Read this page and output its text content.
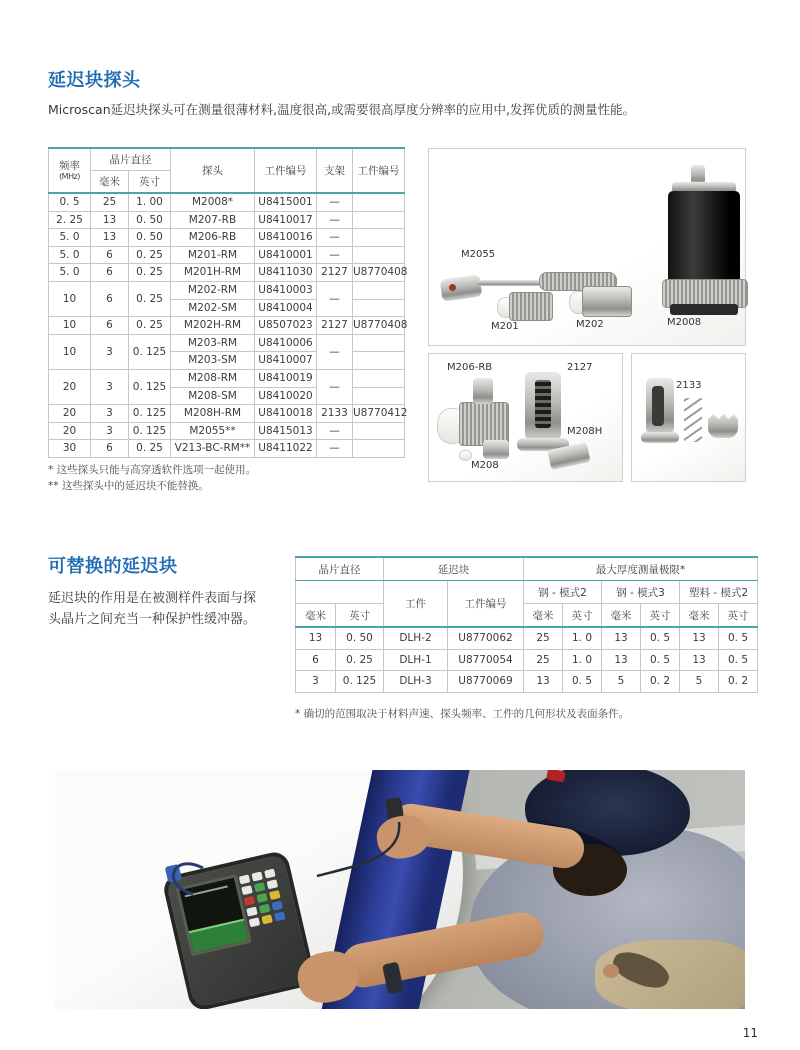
延迟块探头
Microscan延迟块探头可在测量很薄材料,温度很高,或需要很高厚度分辨率的应用中,发挥优质的测量性能。
频率
(MHz)	晶片直径		探头	工件编号	支架	工件编号
	毫米	英寸				
0. 5	25	1. 00	M2008*	U8415001	—	
2. 25	13	0. 50	M207-RB	U8410017	—	
5. 0	13	0. 50	M206-RB	U8410016	—	
5. 0	6	0. 25	M201-RM	U8410001	—	
5. 0	6	0. 25	M201H-RM	U8411030	2127	U8770408
10	6	0. 25	M202-RM	U8410003	—	
			M202-SM	U8410004		
10	6	0. 25	M202H-RM	U8507023	2127	U8770408
10	3	0. 125	M203-RM	U8410006	—	
			M203-SM	U8410007		
20	3	0. 125	M208-RM	U8410019	—	
			M208-SM	U8410020		
20	3	0. 125	M208H-RM	U8410018	2133	U8770412
20	3	0. 125	M2055**	U8415013	—	
30	6	0. 25	V213-BC-RM**	U8411022	—	
* 这些探头只能与高穿透软件选项一起使用。
** 这些探头中的延迟块不能替换。
M2055
M201	M202	M2008
M206-RB	2127
M208H
M208
2133
可替换的延迟块
延迟块的作用是在被测样件表面与探头晶片之间充当一种保护性缓冲器。
晶片直径		延迟块		最大厚度测量极限*					
		工件	工件编号	钢 - 模式2		钢 - 模式3		塑料 - 模式2	
毫米	英寸			毫米	英寸	毫米	英寸	毫米	英寸
13	0. 50	DLH-2	U8770062	25	1. 0	13	0. 5	13	0. 5
6	0. 25	DLH-1	U8770054	25	1. 0	13	0. 5	13	0. 5
3	0. 125	DLH-3	U8770069	13	0. 5	5	0. 2	5	0. 2
* 确切的范围取决于材料声速、探头频率、工件的几何形状及表面条件。
11
